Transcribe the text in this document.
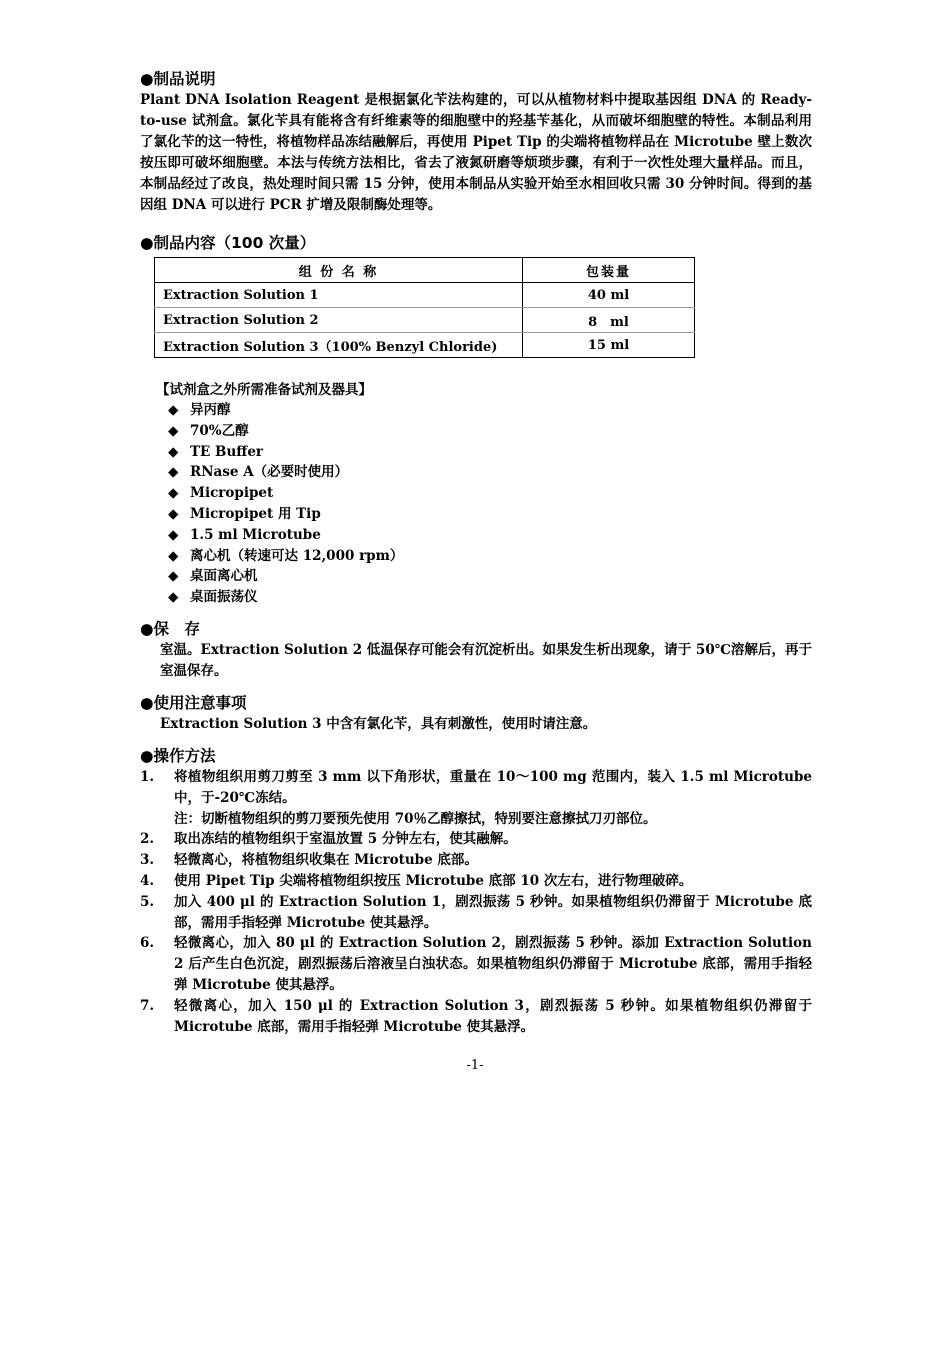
●制品说明

Plant DNA Isolation Reagent 是根据氯化苄法构建的，可以从植物材料中提取基因组 DNA 的 Ready-to-use 试剂盒。氯化苄具有能将含有纤维素等的细胞壁中的羟基苄基化，从而破坏细胞壁的特性。本制品利用了氯化苄的这一特性，将植物样品冻结融解后，再使用 Pipet Tip 的尖端将植物样品在 Microtube 壁上数次按压即可破坏细胞壁。本法与传统方法相比，省去了液氮研磨等烦琐步骤，有利于一次性处理大量样品。而且，本制品经过了改良，热处理时间只需 15 分钟，使用本制品从实验开始至水相回收只需 30 分钟时间。得到的基因组 DNA 可以进行 PCR 扩增及限制酶处理等。

●制品内容（100 次量）
组 份 名 称	包装量
Extraction Solution 1	40 ml
Extraction Solution 2	8　ml
Extraction Solution 3（100% Benzyl Chloride)	15 ml
【试剂盒之外所需准备试剂及器具】
◆ 异丙醇
◆ 70%乙醇
◆ TE Buffer
◆ RNase A（必要时使用）
◆ Micropipet
◆ Micropipet 用 Tip
◆ 1.5 ml Microtube
◆ 离心机（转速可达 12,000 rpm）
◆ 桌面离心机
◆ 桌面振荡仪
●保　存

室温。Extraction Solution 2 低温保存可能会有沉淀析出。如果发生析出现象，请于 50℃溶解后，再于室温保存。

●使用注意事项

Extraction Solution 3 中含有氯化苄，具有刺激性，使用时请注意。

●操作方法
1. 将植物组织用剪刀剪至 3 mm 以下角形状，重量在 10～100 mg 范围内，装入 1.5 ml Microtube 中，于-20℃冻结。
注：切断植物组织的剪刀要预先使用 70％乙醇擦拭，特别要注意擦拭刀刃部位。
2. 取出冻结的植物组织于室温放置 5 分钟左右，使其融解。
3. 轻微离心，将植物组织收集在 Microtube 底部。
4. 使用 Pipet Tip 尖端将植物组织按压 Microtube 底部 10 次左右，进行物理破碎。
5. 加入 400 μl 的 Extraction Solution 1，剧烈振荡 5 秒钟。如果植物组织仍滞留于 Microtube 底部，需用手指轻弹 Microtube 使其悬浮。
6. 轻微离心，加入 80 μl 的 Extraction Solution 2，剧烈振荡 5 秒钟。添加 Extraction Solution 2 后产生白色沉淀，剧烈振荡后溶液呈白浊状态。如果植物组织仍滞留于 Microtube 底部，需用手指轻弹 Microtube 使其悬浮。
7. 轻微离心，加入 150 μl 的 Extraction Solution 3，剧烈振荡 5 秒钟。如果植物组织仍滞留于 Microtube 底部，需用手指轻弹 Microtube 使其悬浮。
-1-
